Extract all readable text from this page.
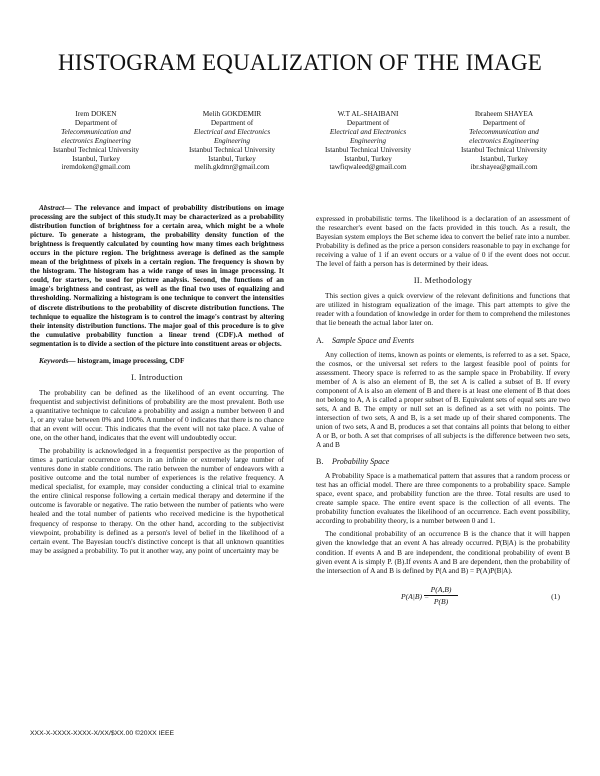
HISTOGRAM EQUALIZATION OF THE IMAGE
Irem DOKEN
Department of
Telecommunication and
electronics Engineering
Istanbul Technical University
Istanbul, Turkey
iremdoken@gmail.com
Melih GOKDEMIR
Department of
Electrical and Electronics
Engineering
Istanbul Technical University
Istanbul, Turkey
melih.gkdmr@gmail.com
W.T AL-SHAIBANI
Department of
Electrical and Electronics
Engineering
Istanbul Technical University
Istanbul, Turkey
tawfiqwaleed@gmail.com
Ibraheem SHAYEA
Department of
Telecommunication and
electronics Engineering
Istanbul Technical University
Istanbul, Turkey
ibr.shayea@gmail.com

Abstract— The relevance and impact of probability distributions on image processing are the subject of this study.It may be characterized as a probability distribution function of brightness for a certain area, which might be a whole picture. To generate a histogram, the probability density function of the brightness is frequently calculated by counting how many times each brightness occurs in the picture region. The brightness average is defined as the sample mean of the brightness of pixels in a certain region. The frequency is shown by the histogram. The histogram has a wide range of uses in image processing. It could, for starters, be used for picture analysis. Second, the functions of an image's brightness and contrast, as well as the final two uses of equalizing and thresholding. Normalizing a histogram is one technique to convert the intensities of discrete distributions to the probability of discrete distribution functions. The technique to equalize the histogram is to control the image's contrast by altering their intensity distribution functions. The major goal of this procedure is to give the cumulative probability function a linear trend (CDF).A method of segmentation is to divide a section of the picture into constituent areas or objects.

Keywords— histogram, image processing, CDF

I. Introduction

The probability can be defined as the likelihood of an event occurring. The frequentist and subjectivist definitions of probability are the most prevalent. Both use a quantitative technique to calculate a probability and assign a number between 0 and 1, or any value between 0% and 100%. A number of 0 indicates that there is no chance that an event will occur. This indicates that the event will not take place. A value of one, on the other hand, indicates that the event will undoubtedly occur.

The probability is acknowledged in a frequentist perspective as the proportion of times a particular occurrence occurs in an infinite or extremely large number of ventures done in stable conditions. The ratio between the number of endeavors with a positive outcome and the total number of experiences is the relative frequency. A medical specialist, for example, may consider conducting a clinical trial to examine the entire clinical response following a certain medical therapy and determine if the outcome is favorable or negative. The ratio between the number of patients who were healed and the total number of patients who received medicine is the hypothetical frequency of response to therapy. On the other hand, according to the subjectivist viewpoint, probability is defined as a person's level of belief in the likelihood of a certain event. The Bayesian touch's distinctive concept is that all unknown quantities may be assigned a probability. To put it another way, any point of uncertainty may be

expressed in probabilistic terms. The likelihood is a declaration of an assessment of the researcher's event based on the facts provided in this touch. As a result, the Bayesian system employs the Bet scheme idea to convert the belief rate into a number. Probability is defined as the price a person considers reasonable to pay in exchange for receiving a value of 1 if an event occurs or a value of 0 if the event does not occur. The level of faith a person has is determined by their ideas.

II. Methodology

This section gives a quick overview of the relevant definitions and functions that are utilized in histogram equalization of the image. This part attempts to give the reader with a foundation of knowledge in order for them to comprehend the milestones that lie beneath the actual labor later on.

A. Sample Space and Events

Any collection of items, known as points or elements, is referred to as a set. Space, the cosmos, or the universal set refers to the largest feasible pool of points for assessment. Theory space is referred to as the sample space in Probability. If every member of A is also an element of B, the set A is called a subset of B. If every component of A is also an element of B and there is at least one element of B that does not belong to A, A is called a proper subset of B. Equivalent sets of equal sets are two sets, A and B. The empty or null set an is defined as a set with no points. The intersection of two sets, A and B, is a set made up of their shared components. The union of two sets, A and B, produces a set that contains all points that belong to either A or B, or both. A set that comprises of all subjects is the difference between two sets, A and B

B. Probability Space

A Probability Space is a mathematical pattern that assures that a random process or test has an official model. There are three components to a probability space. Sample space, event space, and probability function are the three. Total results are used to create sample space. The entire event space is the collection of all events. The probability function evaluates the likelihood of an occurrence. Each event possibility, according to probability theory, is a number between 0 and 1.

The conditional probability of an occurrence B is the chance that it will happen given the knowledge that an event A has already occurred. P(B|A) is the probability condition. If events A and B are independent, the conditional probability of event B given event A is simply P. (B).If events A and B are dependent, then the probability of the intersection of A and B is defined by P(A and B) = P(A)P(B|A).

P(A|B) =
$\frac{P(A,B)}{P(B)}$	(1)
XXX-X-XXXX-XXXX-X/XX/$XX.00 ©20XX IEEE
